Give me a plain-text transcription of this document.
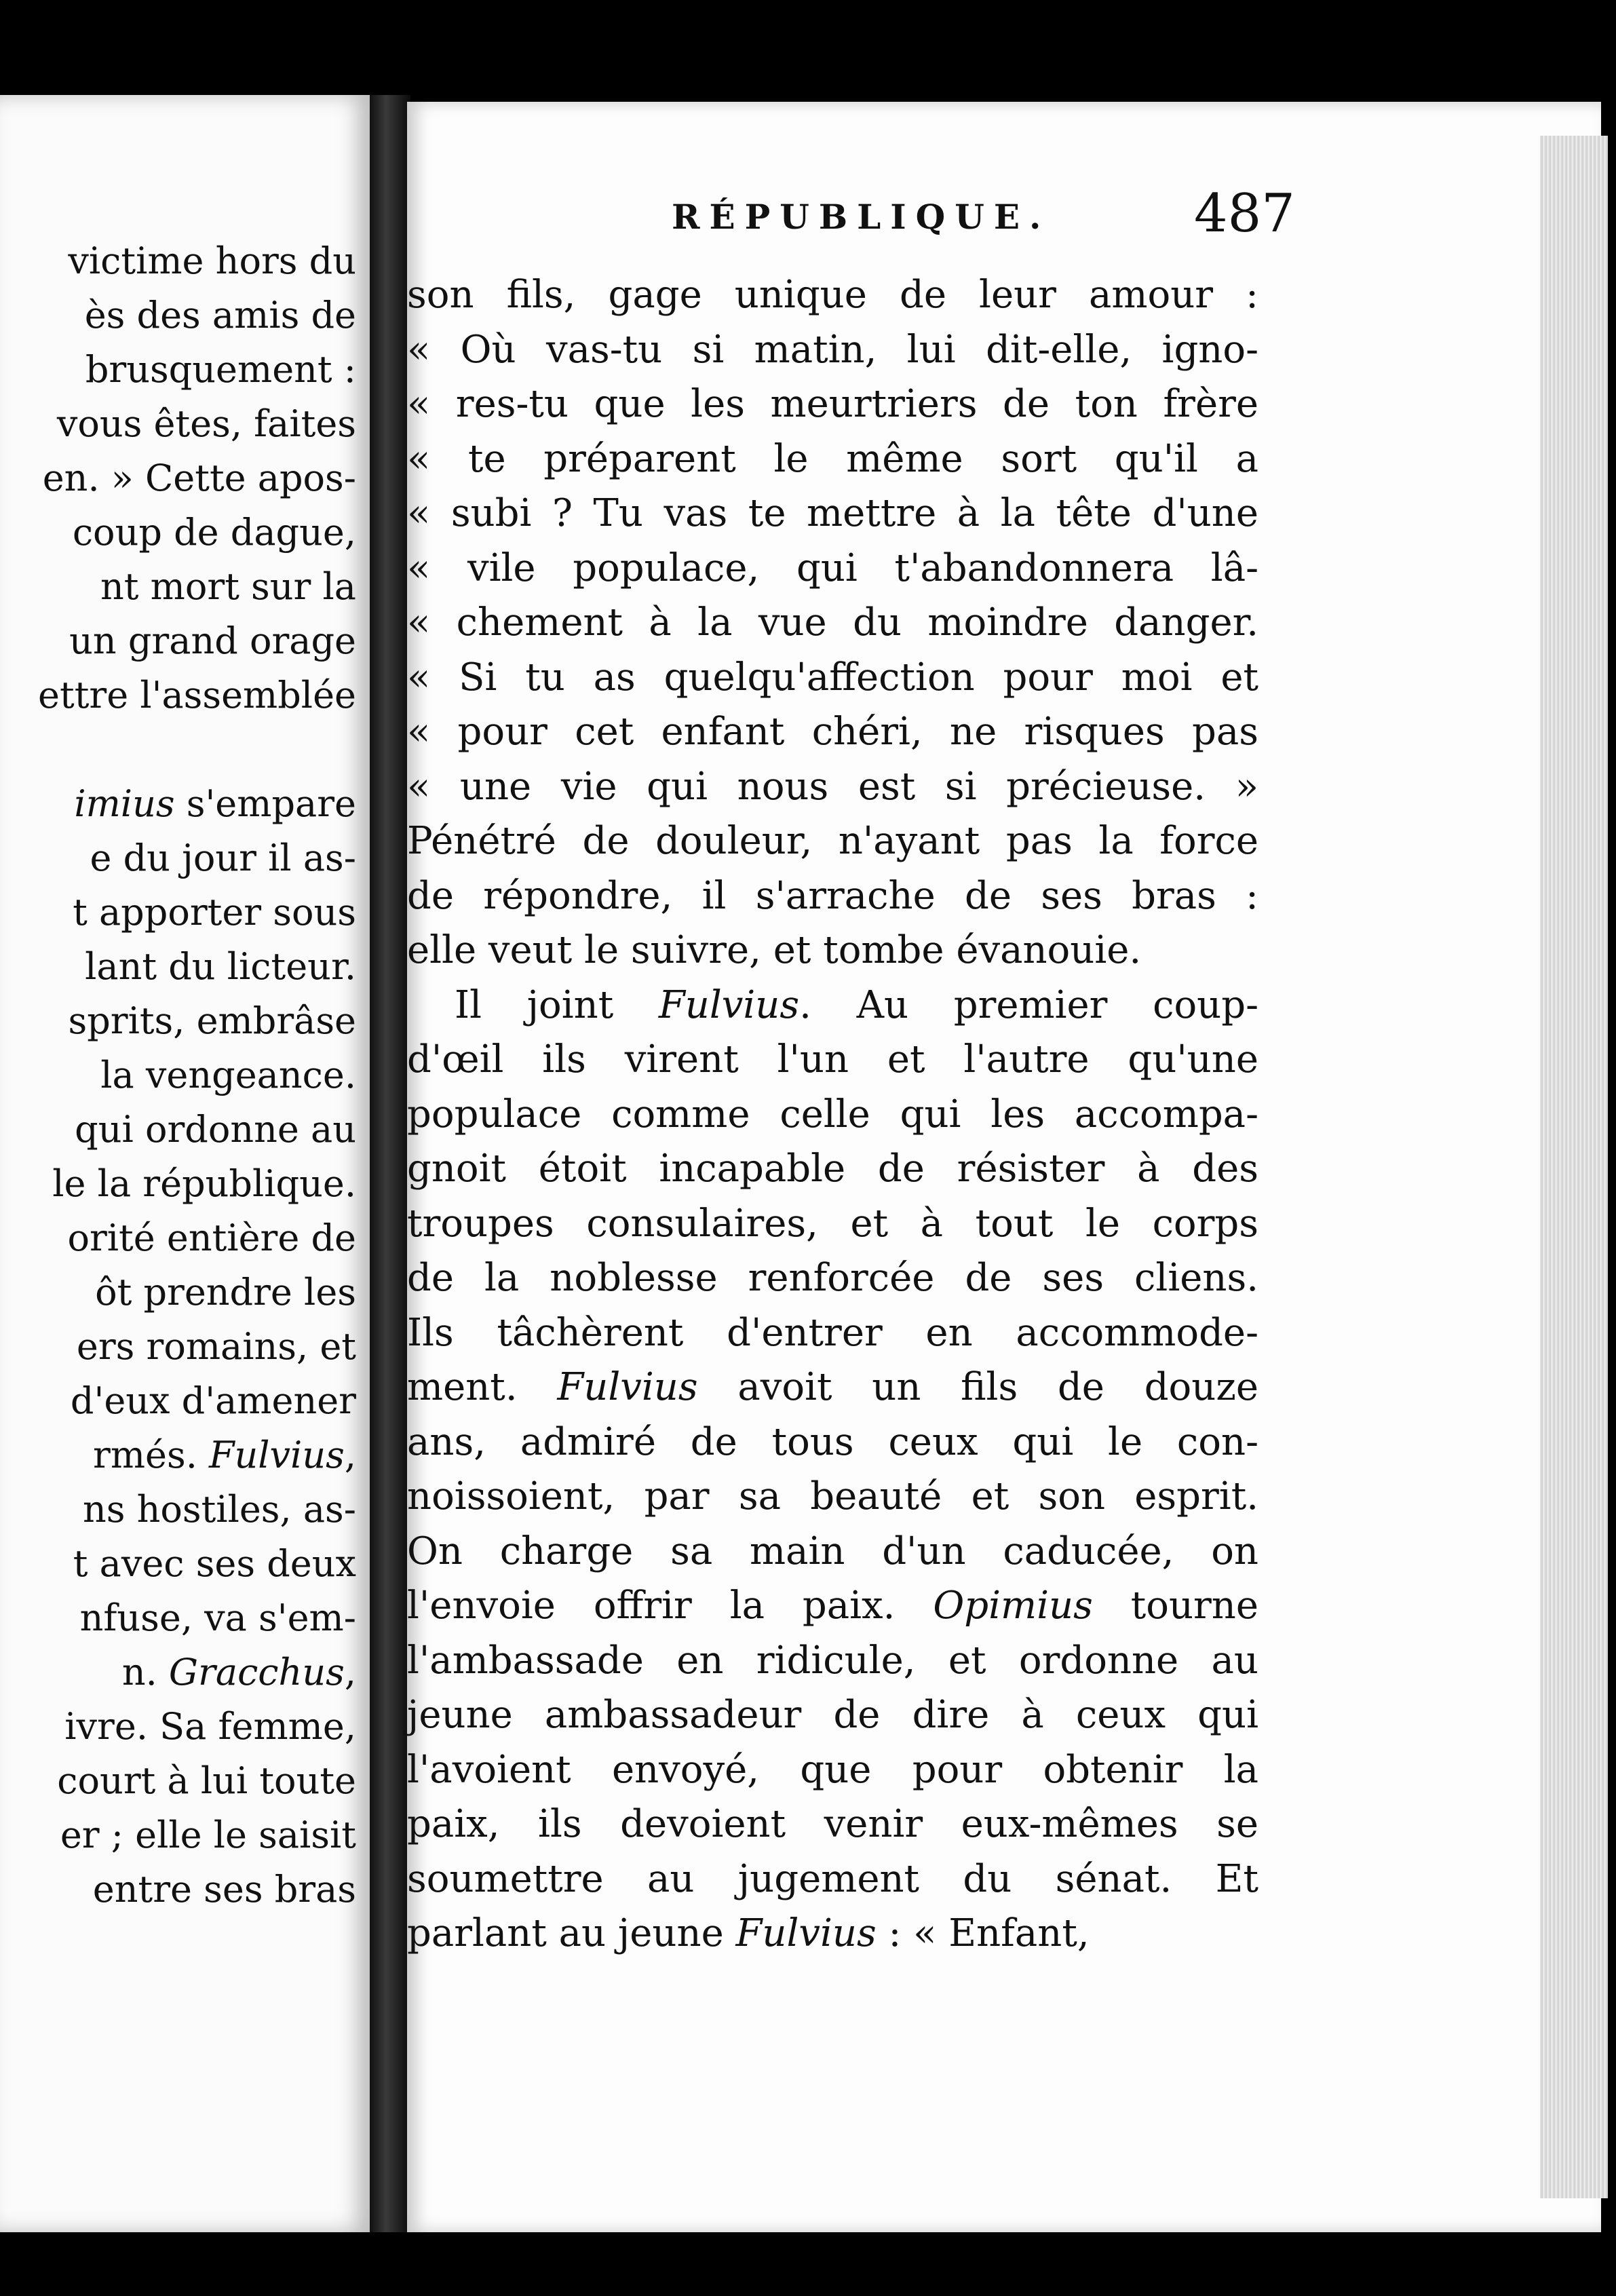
victime hors du
ès des amis de
brusquement :
vous êtes, faites
en. » Cette apos-
coup de dague,
nt mort sur la
un grand orage
ettre l'assemblée
imius s'empare
e du jour il as-
t apporter sous
lant du licteur.
sprits, embrâse
la vengeance.
qui ordonne au
le la république.
orité entière de
ôt prendre les
ers romains, et
d'eux d'amener
rmés. Fulvius,
ns hostiles, as-
t avec ses deux
nfuse, va s'em-
n. Gracchus,
ivre. Sa femme,
court à lui toute
er ; elle le saisit
entre ses bras
RÉPUBLIQUE.	487
son fils, gage unique de leur amour :
« Où vas-tu si matin, lui dit-elle, igno-
« res-tu que les meurtriers de ton frère
« te préparent le même sort qu'il a
« subi ? Tu vas te mettre à la tête d'une
« vile populace, qui t'abandonnera lâ-
« chement à la vue du moindre danger.
« Si tu as quelqu'affection pour moi et
« pour cet enfant chéri, ne risques pas
« une vie qui nous est si précieuse. »
Pénétré de douleur, n'ayant pas la force
de répondre, il s'arrache de ses bras :
elle veut le suivre, et tombe évanouie.
Il joint Fulvius. Au premier coup-
d'œil ils virent l'un et l'autre qu'une
populace comme celle qui les accompa-
gnoit étoit incapable de résister à des
troupes consulaires, et à tout le corps
de la noblesse renforcée de ses cliens.
Ils tâchèrent d'entrer en accommode-
ment. Fulvius avoit un fils de douze
ans, admiré de tous ceux qui le con-
noissoient, par sa beauté et son esprit.
On charge sa main d'un caducée, on
l'envoie offrir la paix. Opimius tourne
l'ambassade en ridicule, et ordonne au
jeune ambassadeur de dire à ceux qui
l'avoient envoyé, que pour obtenir la
paix, ils devoient venir eux-mêmes se
soumettre au jugement du sénat. Et
parlant au jeune Fulvius : « Enfant,
